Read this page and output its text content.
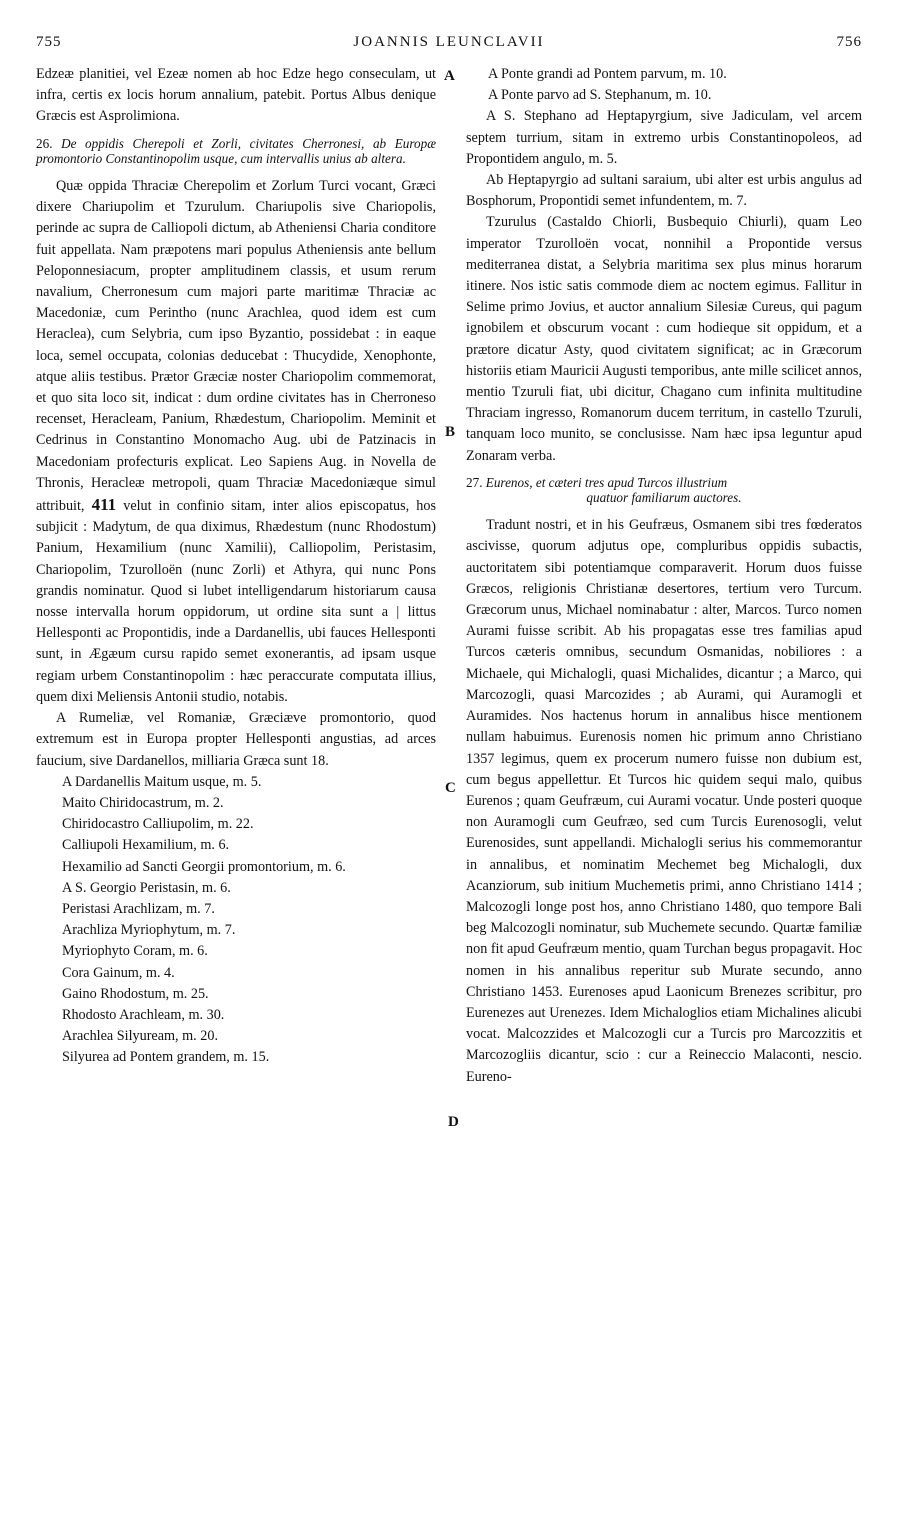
755	JOANNIS LEUNCLAVII	756
A
B
C
D

Edzeæ planitiei, vel Ezeæ nomen ab hoc Edze hego conseculam, ut infra, certis ex locis horum annalium, patebit. Portus Albus denique Græcis est Asprolimiona.

26. De oppidis Cherepoli et Zorli, civitates Cherronesi, ab Europæ promontorio Constantinopolim usque, cum intervallis unius ab altera.

Quæ oppida Thraciæ Cherepolim et Zorlum Turci vocant, Græci dixere Chariupolim et Tzurulum. Chariupolis sive Chariopolis, perinde ac supra de Calliopoli dictum, ab Atheniensi Charia conditore fuit appellata. Nam præpotens mari populus Atheniensis ante bellum Peloponnesiacum, propter amplitudinem classis, et usum rerum navalium, Cherronesum cum majori parte maritimæ Thraciæ ac Macedoniæ, cum Perintho (nunc Arachlea, quod idem est cum Heraclea), cum Selybria, cum ipso Byzantio, possidebat : in eaque loca, semel occupata, colonias deducebat : Thucydide, Xenophonte, atque aliis testibus. Prætor Græciæ noster Chariopolim commemorat, et quo sita loco sit, indicat : dum ordine civitates has in Cherroneso recenset, Heracleam, Panium, Rhædestum, Chariopolim. Meminit et Cedrinus in Constantino Monomacho Aug. ubi de Patzinacis in Macedoniam profecturis explicat. Leo Sapiens Aug. in Novella de Thronis, Heracleæ metropoli, quam Thraciæ Macedoniæque simul attribuit, 411 velut in confinio sitam, inter alios episcopatus, hos subjicit : Madytum, de qua diximus, Rhædestum (nunc Rhodostum) Panium, Hexamilium (nunc Xamilii), Calliopolim, Peristasim, Chariopolim, Tzurolloën (nunc Zorli) et Athyra, qui nunc Pons grandis nominatur. Quod si lubet intelligendarum historiarum causa nosse intervalla horum oppidorum, ut ordine sita sunt a | littus Hellesponti ac Propontidis, inde a Dardanellis, ubi fauces Hellesponti sunt, in Ægæum cursu rapido semet exonerantis, ad ipsam usque regiam urbem Constantinopolim : hæc peraccurate computata illius, quem dixi Meliensis Antonii studio, notabis.

A Rumeliæ, vel Romaniæ, Græciæve promontorio, quod extremum est in Europa propter Hellesponti angustias, ad arces faucium, sive Dardanellos, milliaria Græca sunt 18.

A Dardanellis Maitum usque, m. 5.

Maito Chiridocastrum, m. 2.

Chiridocastro Calliupolim, m. 22.

Calliupoli Hexamilium, m. 6.

Hexamilio ad Sancti Georgii promontorium, m. 6.

A S. Georgio Peristasin, m. 6.

Peristasi Arachlizam, m. 7.

Arachliza Myriophytum, m. 7.

Myriophyto Coram, m. 6.

Cora Gainum, m. 4.

Gaino Rhodostum, m. 25.

Rhodosto Arachleam, m. 30.

Arachlea Silyuream, m. 20.

Silyurea ad Pontem grandem, m. 15.

A Ponte grandi ad Pontem parvum, m. 10.

A Ponte parvo ad S. Stephanum, m. 10.

A S. Stephano ad Heptapyrgium, sive Jadiculam, vel arcem septem turrium, sitam in extremo urbis Constantinopoleos, ad Propontidem angulo, m. 5.

Ab Heptapyrgio ad sultani saraium, ubi alter est urbis angulus ad Bosphorum, Propontidi semet infundentem, m. 7.

Tzurulus (Castaldo Chiorli, Busbequio Chiurli), quam Leo imperator Tzurolloën vocat, nonnihil a Propontide versus mediterranea distat, a Selybria maritima sex plus minus horarum itinere. Nos istic satis commode diem ac noctem egimus. Fallitur in Selime primo Jovius, et auctor annalium Silesiæ Cureus, qui pagum ignobilem et obscurum vocant : cum hodieque sit oppidum, et a prætore dicatur Asty, quod civitatem significat; ac in Græcorum historiis etiam Mauricii Augusti temporibus, ante mille scilicet annos, mentio Tzuruli fiat, ubi dicitur, Chagano cum infinita multitudine Thraciam ingresso, Romanorum ducem territum, in castello Tzuruli, tanquam loco munito, se conclusisse. Nam hæc ipsa leguntur apud Zonaram verba.

27. Eurenos, et cæteri tres apud Turcos illustrium
quatuor familiarum auctores.

Tradunt nostri, et in his Geufræus, Osmanem sibi tres fœderatos ascivisse, quorum adjutus ope, compluribus oppidis subactis, auctoritatem sibi potentiamque comparaverit. Horum duos fuisse Græcos, religionis Christianæ desertores, tertium vero Turcum. Græcorum unus, Michael nominabatur : alter, Marcos. Turco nomen Aurami fuisse scribit. Ab his propagatas esse tres familias apud Turcos cæteris omnibus, secundum Osmanidas, nobiliores : a Michaele, qui Michalogli, quasi Michalides, dicantur ; a Marco, qui Marcozogli, quasi Marcozides ; ab Aurami, qui Auramogli et Auramides. Nos hactenus horum in annalibus hisce mentionem nullam habuimus. Eurenosis nomen hic primum anno Christiano 1357 legimus, quem ex procerum numero fuisse non dubium est, cum begus appellettur. Et Turcos hic quidem sequi malo, quibus Eurenos ; quam Geufræum, cui Aurami vocatur. Unde posteri quoque non Auramogli cum Geufræo, sed cum Turcis Eurenosogli, velut Eurenosides, sunt appellandi. Michalogli serius his commemorantur in annalibus, et nominatim Mechemet beg Michalogli, dux Acanziorum, sub initium Muchemetis primi, anno Christiano 1414 ; Malcozogli longe post hos, anno Christiano 1480, quo tempore Bali beg Malcozogli nominatur, sub Muchemete secundo. Quartæ familiæ non fit apud Geufræum mentio, quam Turchan begus propagavit. Hoc nomen in his annalibus reperitur sub Murate secundo, anno Christiano 1453. Eurenoses apud Laonicum Brenezes scribitur, pro Eurenezes aut Urenezes. Idem Michaloglios etiam Michalines alicubi vocat. Malcozzides et Malcozogli cur a Turcis pro Marcozzitis et Marcozogliis dicantur, scio : cur a Reineccio Malaconti, nescio. Eureno-
